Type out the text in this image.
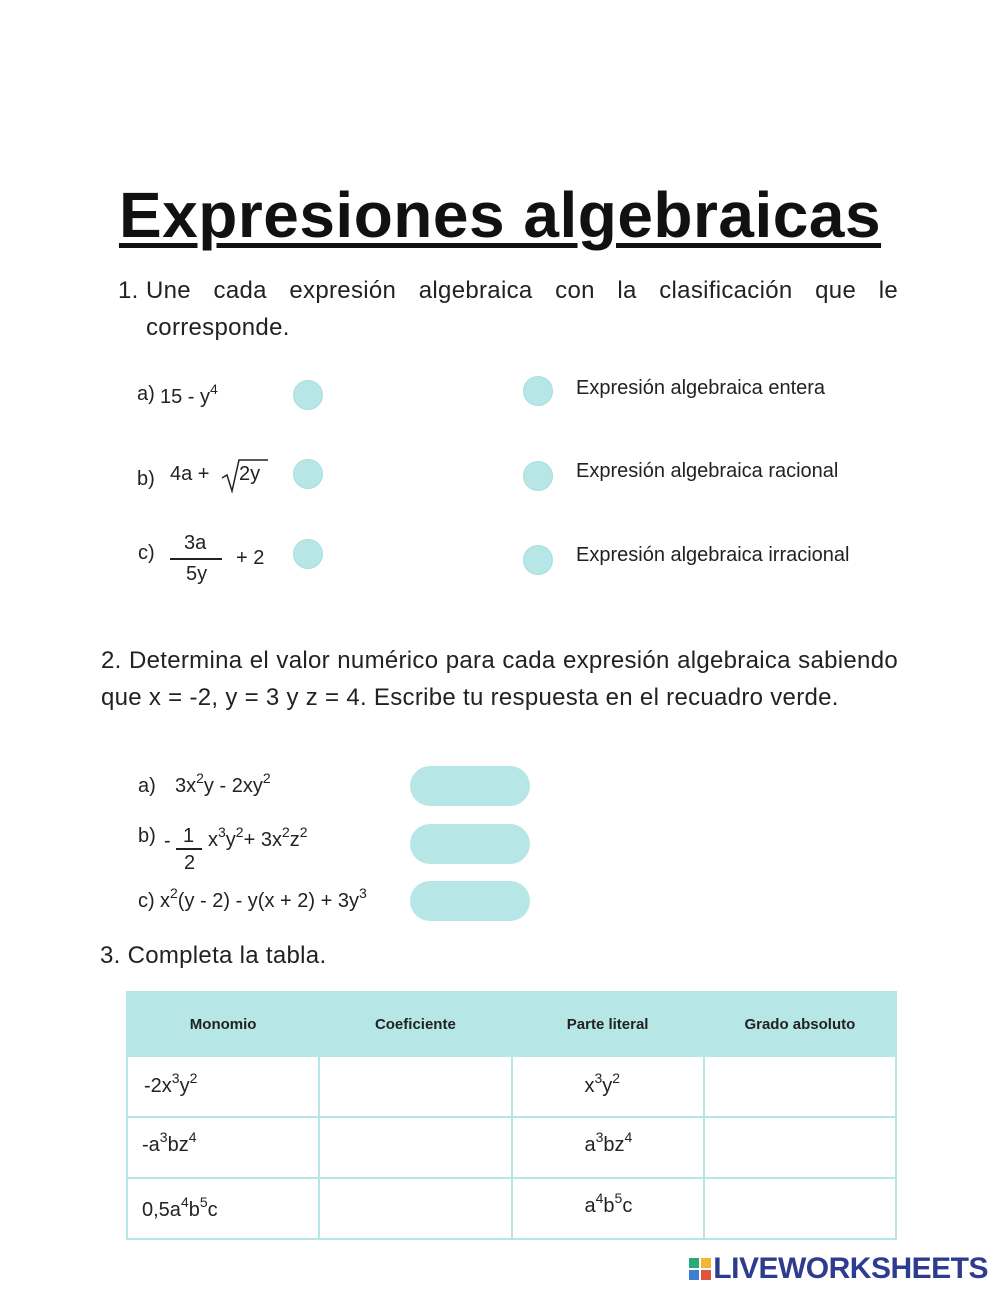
Expresiones algebraicas
1. Une cada expresión algebraica con la clasificación que le corresponde.
a) $15 - y^4$
b) 4a + 2y
c) 3a
5y
+ 2
Expresión algebraica entera
Expresión algebraica racional
Expresión algebraica irracional
2. Determina el valor numérico para cada expresión algebraica sabiendo que x = -2, y = 3 y z = 4. Escribe tu respuesta en el recuadro verde.
a) $3x^2y - 2xy^2$
b) - 1
2
$x^3y^2+ 3x^2z^2$
c) $x^2(y - 2) - y(x + 2) + 3y^3$
3. Completa la tabla.
Monomio	Coeficiente	Parte literal	Grado absoluto

$-2x^3y^2$		$x^3y^2$

$-a^3bz^4$		$a^3bz^4$

$0,5a^4b^5c$		$a^4b^5c$	

LIVEWORKSHEETS
